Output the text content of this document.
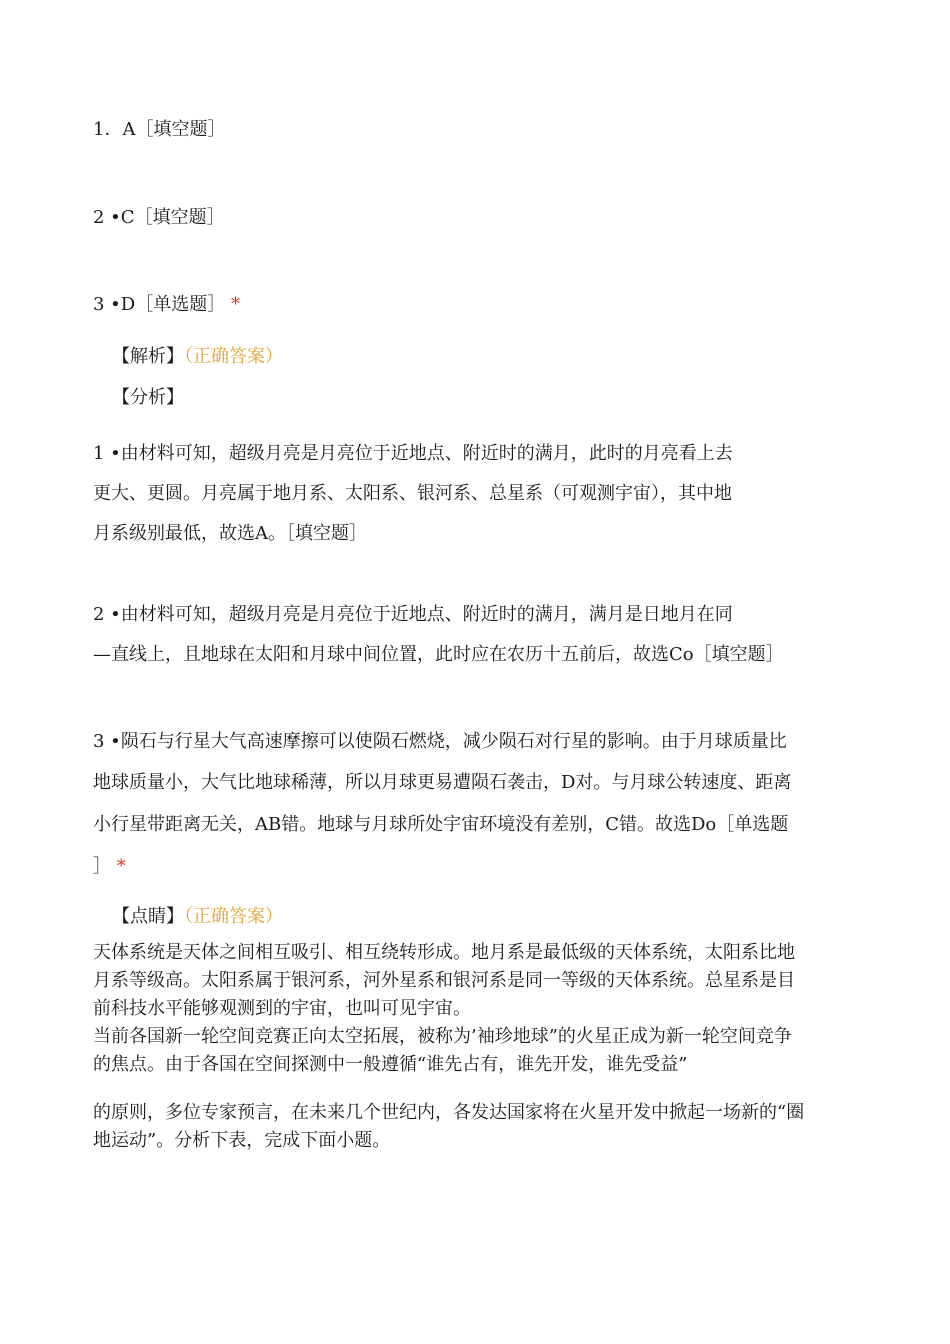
1．A［填空题］
2 •C［填空题］
3 •D［单选题］ *
【解析】（正确答案）
【分析】
1 •由材料可知，超级月亮是月亮位于近地点、附近时的满月，此时的月亮看上去
更大、更圆。月亮属于地月系、太阳系、银河系、总星系（可观测宇宙），其中地
月系级别最低，故选A。［填空题］
2 •由材料可知，超级月亮是月亮位于近地点、附近时的满月，满月是日地月在同
—直线上，且地球在太阳和月球中间位置，此时应在农历十五前后，故选Co［填空题］
3 •陨石与行星大气高速摩擦可以使陨石燃烧，减少陨石对行星的影响。由于月球质量比
地球质量小，大气比地球稀薄，所以月球更易遭陨石袭击，D对。与月球公转速度、距离
小行星带距离无关，AB错。地球与月球所处宇宙环境没有差别，C错。故选Do［单选题
］ *
【点睛】（正确答案）
天体系统是天体之间相互吸引、相互绕转形成。地月系是最低级的天体系统，太阳系比地
月系等级高。太阳系属于银河系，河外星系和银河系是同一等级的天体系统。总星系是目
前科技水平能够观测到的宇宙，也叫可见宇宙。
当前各国新一轮空间竞赛正向太空拓展，被称为’袖珍地球”的火星正成为新一轮空间竞争
的焦点。由于各国在空间探测中一般遵循“谁先占有，谁先开发，谁先受益”
的原则，多位专家预言，在未来几个世纪内，各发达国家将在火星开发中掀起一场新的“圈
地运动”。分析下表，完成下面小题。
